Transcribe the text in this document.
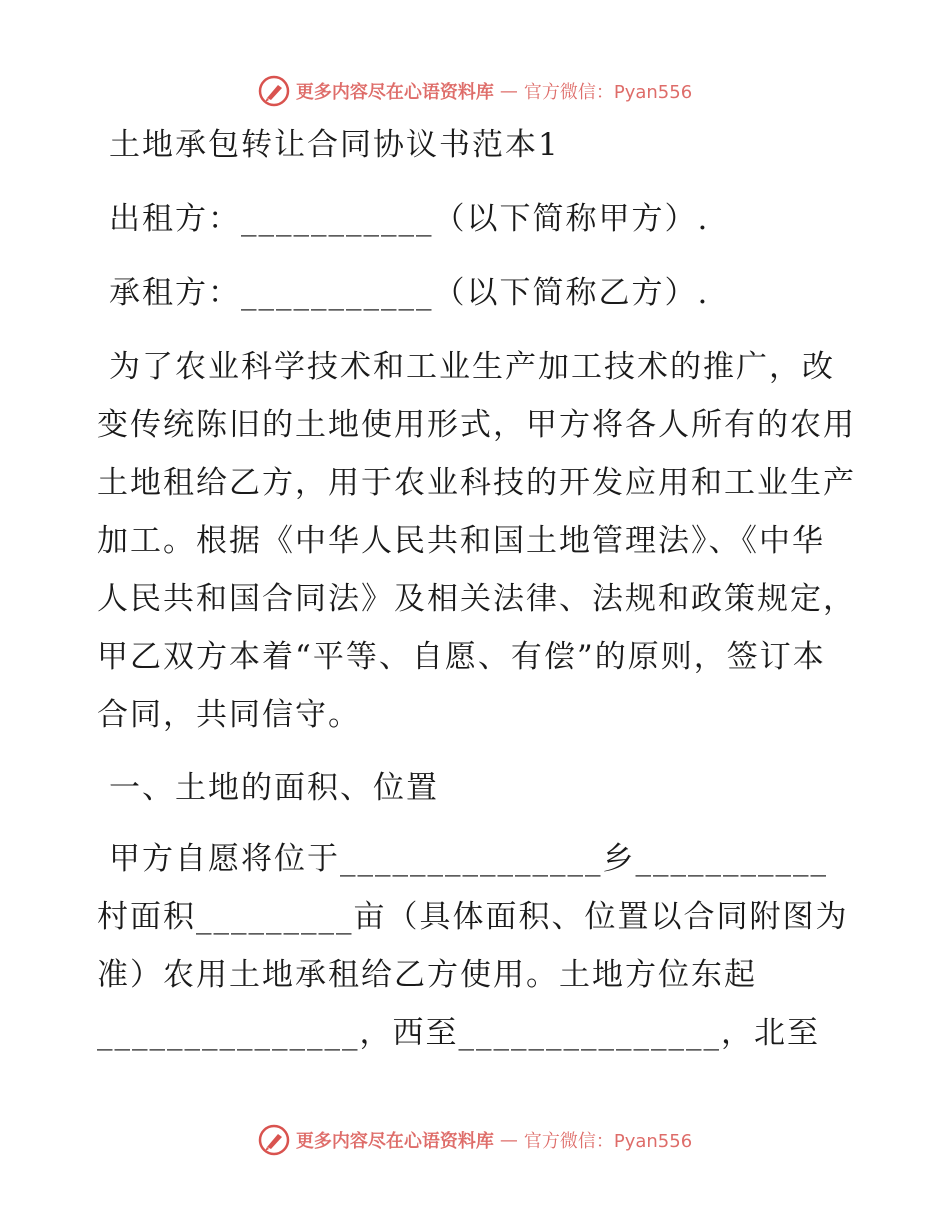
更多内容尽在心语资料库 — 官方微信：Pyan556
土地承包转让合同协议书范本1
出租方：___________（以下简称甲方）.
承租方：___________（以下简称乙方）.
为了农业科学技术和工业生产加工技术的推广，改变传统陈旧的土地使用形式，甲方将各人所有的农用土地租给乙方，用于农业科技的开发应用和工业生产加工。根据《中华人民共和国土地管理法》、《中华人民共和国合同法》及相关法律、法规和政策规定，甲乙双方本着“平等、自愿、有偿”的原则，签订本合同，共同信守。
一、土地的面积、位置
甲方自愿将位于_______________乡___________村面积_________亩（具体面积、位置以合同附图为准）农用土地承租给乙方使用。土地方位东起_______________，西至_______________，北至
更多内容尽在心语资料库 — 官方微信：Pyan556
